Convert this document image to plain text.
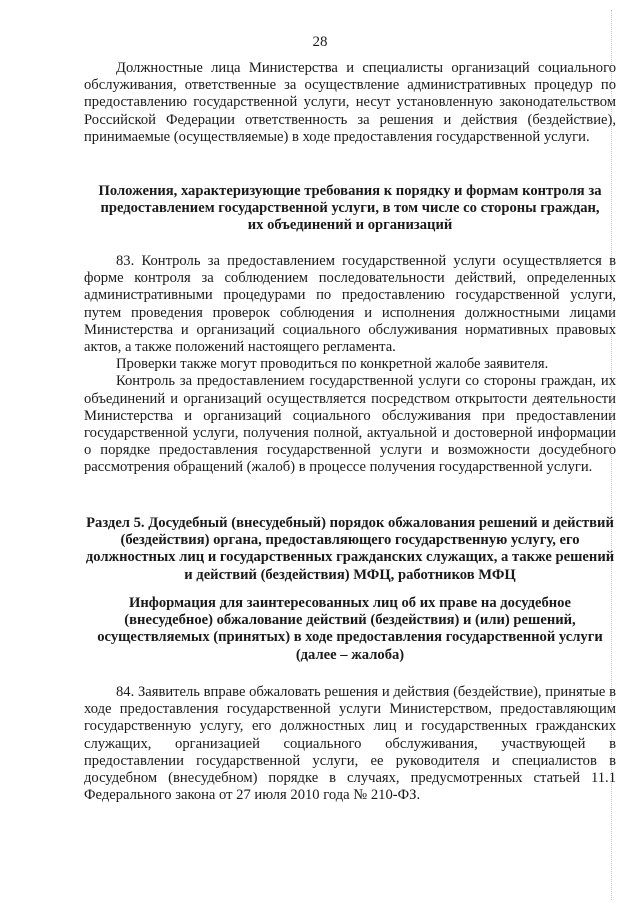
28

Должностные лица Министерства и специалисты организаций социального обслуживания, ответственные за осуществление административных процедур по предоставлению государственной услуги, несут установленную законодательством Российской Федерации ответственность за решения и действия (бездействие), принимаемые (осуществляемые) в ходе предоставления государственной услуги.

Положения, характеризующие требования к порядку и формам контроля за предоставлением государственной услуги, в том числе со стороны граждан, их объединений и организаций

83. Контроль за предоставлением государственной услуги осуществляется в форме контроля за соблюдением последовательности действий, определенных административными процедурами по предоставлению государственной услуги, путем проведения проверок соблюдения и исполнения должностными лицами Министерства и организаций социального обслуживания нормативных правовых актов, а также положений настоящего регламента.

Проверки также могут проводиться по конкретной жалобе заявителя.

Контроль за предоставлением государственной услуги со стороны граждан, их объединений и организаций осуществляется посредством открытости деятельности Министерства и организаций социального обслуживания при предоставлении государственной услуги, получения полной, актуальной и достоверной информации о порядке предоставления государственной услуги и возможности досудебного рассмотрения обращений (жалоб) в процессе получения государственной услуги.

Раздел 5. Досудебный (внесудебный) порядок обжалования решений и действий (бездействия) органа, предоставляющего государственную услугу, его должностных лиц и государственных гражданских служащих, а также решений и действий (бездействия) МФЦ, работников МФЦ
Информация для заинтересованных лиц об их праве на досудебное (внесудебное) обжалование действий (бездействия) и (или) решений, осуществляемых (принятых) в ходе предоставления государственной услуги (далее – жалоба)

84. Заявитель вправе обжаловать решения и действия (бездействие), принятые в ходе предоставления государственной услуги Министерством, предоставляющим государственную услугу, его должностных лиц и государственных гражданских служащих, организацией социального обслуживания, участвующей в предоставлении государственной услуги, ее руководителя и специалистов в досудебном (внесудебном) порядке в случаях, предусмотренных статьей 11.1 Федерального закона от 27 июля 2010 года № 210-ФЗ.
